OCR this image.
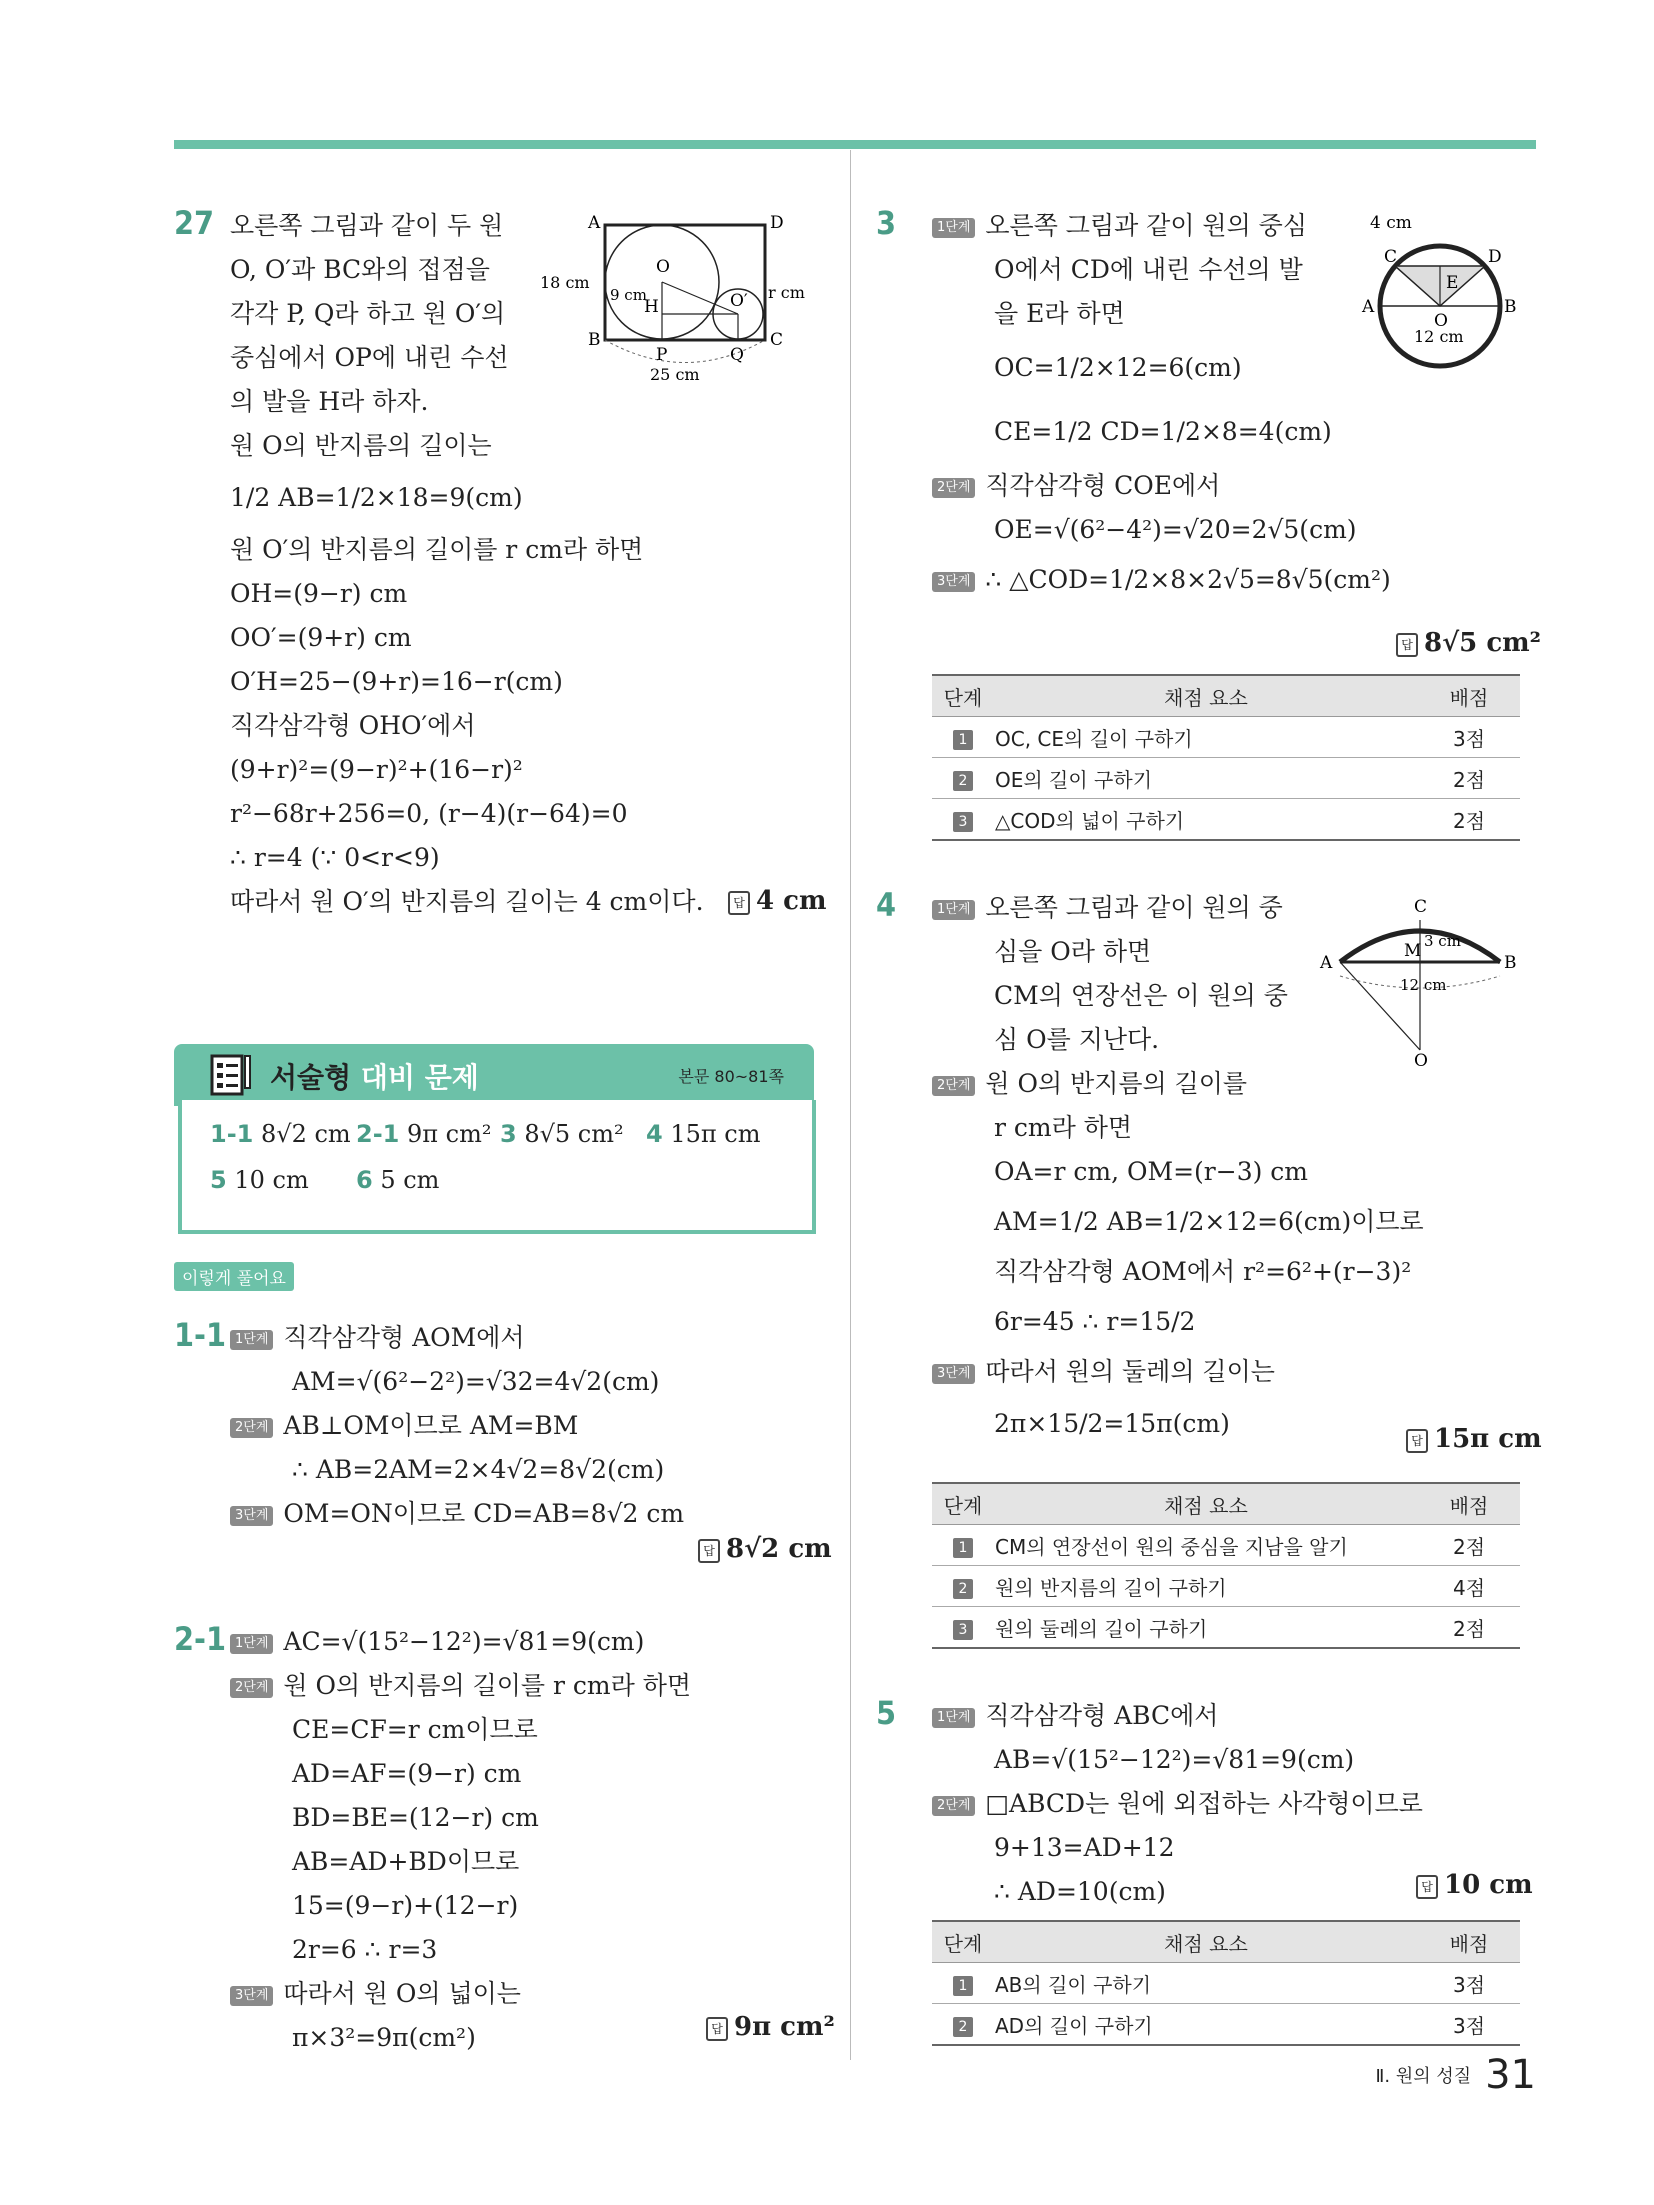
27 오른쪽 그림과 같이 두 원
O, O′과 BC와의 접점을
각각 P, Q라 하고 원 O′의
중심에서 OP에 내린 수선
의 발을 H라 하자.
원 O의 반지름의 길이는
1/2 AB=1/2×18=9(cm)
원 O′의 반지름의 길이를 r cm라 하면
OH=(9−r) cm
OO′=(9+r) cm
O′H=25−(9+r)=16−r(cm)
직각삼각형 OHO′에서
(9+r)²=(9−r)²+(16−r)²
r²−68r+256=0, (r−4)(r−64)=0
∴ r=4 (∵ 0<r<9)
따라서 원 O′의 반지름의 길이는 4 cm이다.	답 4 cm
A	D
B	C
O
O′
H
P	Q
18 cm
9 cm	r cm
25 cm
서술형 대비 문제	본문 80~81쪽
1-1 8√2 cm 2-1 9π cm² 3 8√5 cm² 4 15π cm
5 10 cm 6 5 cm
이렇게 풀어요
1-1 1단계 직각삼각형 AOM에서
AM=√(6²−2²)=√32=4√2(cm)
2단계 AB⊥OM이므로 AM=BM
∴ AB=2AM=2×4√2=8√2(cm)
3단계 OM=ON이므로 CD=AB=8√2 cm
답 8√2 cm
2-1 1단계 AC=√(15²−12²)=√81=9(cm)
2단계 원 O의 반지름의 길이를 r cm라 하면
CE=CF=r cm이므로
AD=AF=(9−r) cm
BD=BE=(12−r) cm
AB=AD+BD이므로
15=(9−r)+(12−r)
2r=6 ∴ r=3
3단계 따라서 원 O의 넓이는
π×3²=9π(cm²)	답 9π cm²
3	1단계 오른쪽 그림과 같이 원의 중심
O에서 CD에 내린 수선의 발
을 E라 하면
OC=1/2×12=6(cm)
CE=1/2 CD=1/2×8=4(cm)
2단계 직각삼각형 COE에서
OE=√(6²−4²)=√20=2√5(cm)
3단계 ∴ △COD=1/2×8×2√5=8√5(cm²)
답 8√5 cm²
4 cm
C	D
E
A	B
O
12 cm
단계	채점 요소	배점
1	OC, CE의 길이 구하기	3점
2	OE의 길이 구하기	2점
3	△COD의 넓이 구하기	2점
4	1단계 오른쪽 그림과 같이 원의 중
심을 O라 하면
CM의 연장선은 이 원의 중
심 O를 지난다.
2단계 원 O의 반지름의 길이를
r cm라 하면
OA=r cm, OM=(r−3) cm
AM=1/2 AB=1/2×12=6(cm)이므로
직각삼각형 AOM에서 r²=6²+(r−3)²
6r=45 ∴ r=15/2
3단계 따라서 원의 둘레의 길이는
2π×15/2=15π(cm)
답 15π cm
C
A	B
M 3 cm
12 cm
O
단계	채점 요소	배점
1	CM의 연장선이 원의 중심을 지남을 알기	2점
2	원의 반지름의 길이 구하기	4점
3	원의 둘레의 길이 구하기	2점
5	1단계 직각삼각형 ABC에서
AB=√(15²−12²)=√81=9(cm)
2단계 □ABCD는 원에 외접하는 사각형이므로
9+13=AD+12
∴ AD=10(cm)	답 10 cm
단계	채점 요소	배점
1	AB의 길이 구하기	3점
2	AD의 길이 구하기	3점
Ⅱ. 원의 성질 31
